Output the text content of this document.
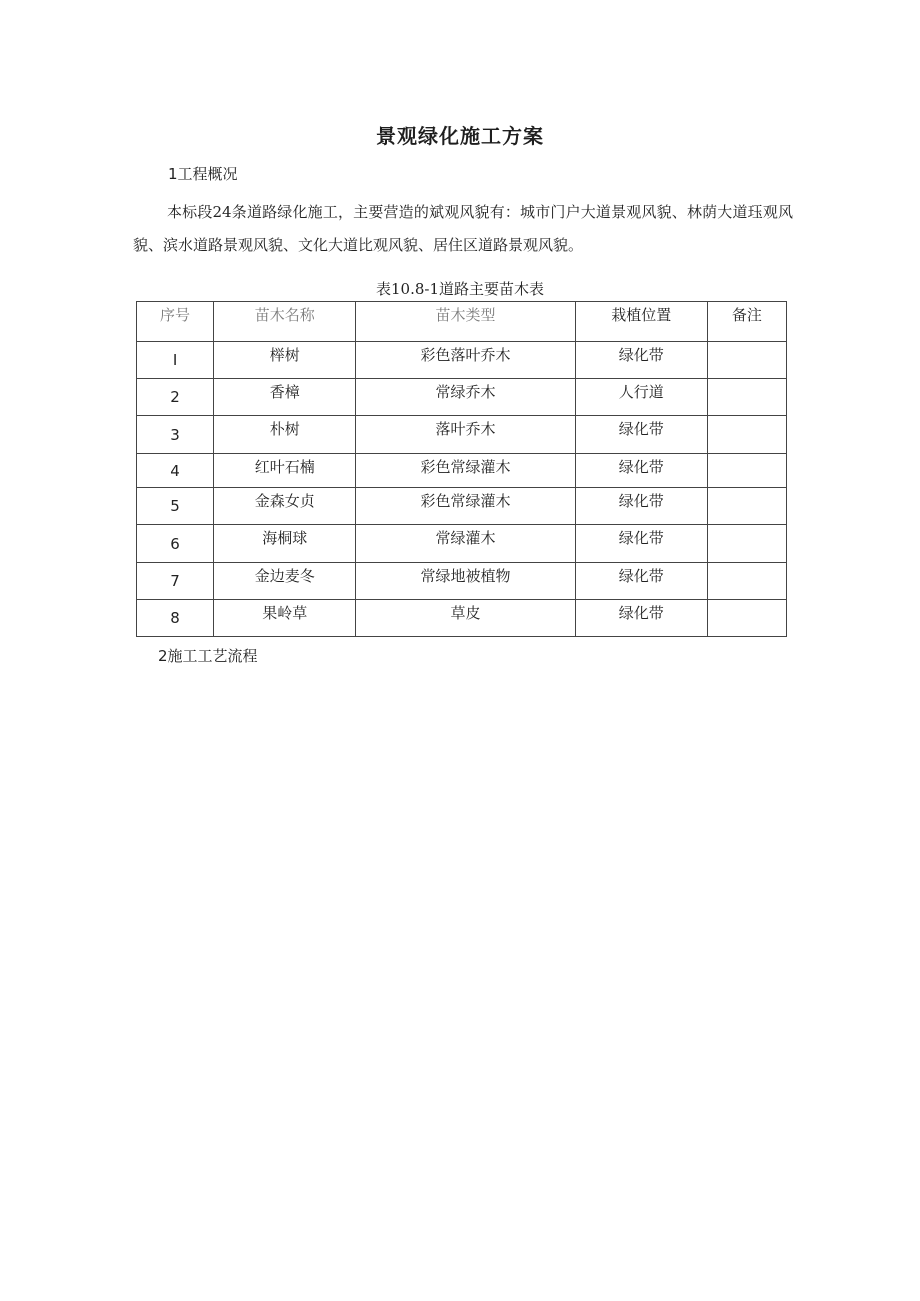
景观绿化施工方案
1工程概况
本标段24条道路绿化施工，主要营造的斌观风貌有：城市门户大道景观风貌、林荫大道珏观风貌、滨水道路景观风貌、文化大道比观风貌、居住区道路景观风貌。
表10.8-1道路主要苗木表
序号	苗木名称	苗木类型	栽植位置	备注
I	榉树	彩色落叶乔木	绿化带	
2	香樟	常绿乔木	人行道	
3	朴树	落叶乔木	绿化带	
4	红叶石楠	彩色常绿灌木	绿化带	
5	金森女贞	彩色常绿灌木	绿化带	
6	海桐球	常绿灌木	绿化带	
7	金边麦冬	常绿地被植物	绿化带	
8	果岭草	草皮	绿化带	
2施工工艺流程
